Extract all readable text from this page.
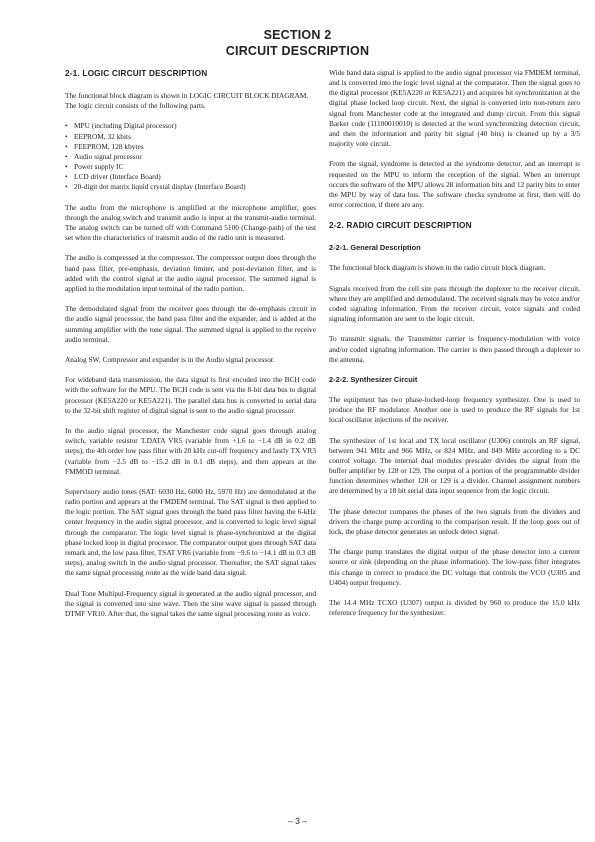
SECTION 2
CIRCUIT DESCRIPTION
2-1. LOGIC CIRCUIT DESCRIPTION

The functional block diagram is shown in LOGIC CIRCUIT BLOCK DIAGRAM.

The logic circuit consists of the following parts.

• MPU (including Digital processor)
• EEPROM, 32 kbits
• FEEPROM, 128 kbytes
• Audio signal processor
• Power supply IC
• LCD driver (Interface Board)
• 20-digit dot matrix liquid crystal display (Interface Board)

The audio from the microphone is amplified at the microphone amplifier, goes through the analog switch and transmit audio is input at the transmit-audio terminal. The analog switch can be turned off with Command 5100 (Change-path) of the test set when the characteristics of transmit audio of the radio unit is measured.

The audio is compressed at the compressor. The compressor output does through the band pass filter, pre-emphasis, deviation limiter, and post-deviation filter, and is added with the control signal at the audio signal processor. The summed signal is applied to the modulation input terminal of the radio portion.

The demodulated signal from the receiver goes through the de-emphasis circuit in the audio signal processor, the band pass filter and the expander, and is added at the summing amplifier with the tone signal. The summed signal is applied to the receive audio terminal.

Analog SW, Compressor and expander is in the Audio signal processor.

For wideband data transmission, the data signal is first encoded into the BCH code with the software for the MPU. The BCH code is sent via the 8-bit data bus to digital processor (KE5A220 or KE5A221). The parallel data bus is converted to serial data to the 32-bit shift register of digital signal is sent to the audio signal processor.

In the audio signal processor, the Manchester code signal goes through analog switch, variable resistor T.DATA VR5 (variable from +1.6 to −1.4 dB in 0.2 dB steps), the 4th order low pass filter with 20 kHz cut-off frequency and lastly TX VR3 (variable from −2.5 dB to −15.2 dB in 0.1 dB steps), and then appears at the FMMOD terminal.

Supervisory audio tones (SAT: 6030 Hz, 6000 Hz, 5970 Hz) are demodulated at the radio portion and appears at the FMDEM terminal. The SAT signal is then applied to the logic portion. The SAT signal goes through the band pass filter having the 6-kHz center frequency in the audio signal processor, and is converted to logic level signal through the comparator. The logic level signal is phase-synchronized at the digital phase locked loop in digital processor. The comparator output goes through SAT data remark and, the low pass filter, TSAT VR6 (variable from −9.6 to −14.1 dB in 0.3 dB steps), analog switch in the audio signal processor. Thereafter, the SAT signal takes the same signal processing route as the wide band data signal.

Dual Tone Multipul-Frequency signal is generated at the audio signal processor, and the signal is converted into sine wave. Then the sine wave signal is passed through DTMF VR10. After that, the signal takes the same signal processing route as voice.

Wide band data signal is applied to the audio signal processor via FMDEM terminal, and is converted into the logic level signal at the comparator. Then the signal goes to the digital processor (KE5A220 or KE5A221) and acquires bit synchronization at the digital phase locked loop circuit. Next, the signal is converted into non-return zero signal from Manchester code at the integrated and dump circuit. From this signal Barker code (11100010010) is detected at the word synchronizing detection circuit, and then the information and parity bit signal (40 bits) is cleaned up by a 3/5 majority vote circuit.

From the signal, syndrome is detected at the syndrome detector, and an interrupt is requested on the MPU to inform the reception of the signal. When an interrupt occurs the software of the MPU allows 28 information bits and 12 parity bits to enter the MPU by way of data bus. The software checks syndrome at first, then will do error correction, if there are any.

2-2. RADIO CIRCUIT DESCRIPTION
2-2-1. General Description

The functional block diagram is shown in the radio circuit block diagram.

Signals received from the cell site pass through the duplexer to the receiver circuit, where they are amplified and demodulated. The received signals may be voice and/or coded signaling information. From the receiver circuit, voice signals and coded signaling information are sent to the logic circuit.

To transmit signals, the Transmitter carrier is frequency-modulation with voice and/or coded signaling information. The carrier is then passed through a duplexer to the antenna.

2-2-2. Synthesizer Circuit

The equipment has two phase-locked-loop frequency synthesizer. One is used to produce the RF modulator. Another one is used to produce the RF signals for 1st local oscillator injections of the receiver.

The synthesizer of 1st local and TX local oscillator (U306) controls an RF signal, between 941 MHz and 966 MHz, or 824 MHz, and 849 MHz according to a DC control voltage. The internal dual modules prescaler divides the signal from the buffer amplifier by 128 or 129. The output of a portion of the programmable divider function determines whether 128 or 129 is a divider. Channel assignment numbers are determined by a 18 bit serial data input sequence from the logic circuit.

The phase detector compares the phases of the two signals from the dividers and drivers the charge pump according to the comparison result. If the loop goes out of lock, the phase detector generates an unlock detect signal.

The charge pump translates the digital output of the phase detector into a current source or sink (depending on the phase information). The low-pass filter integrates this change in correct to produce the DC voltage that controls the VCO (U305 and U404) output frequency.

The 14.4 MHz TCXO (U307) output is divided by 960 to produce the 15.0 kHz reference frequency for the synthesizer.

– 3 –
